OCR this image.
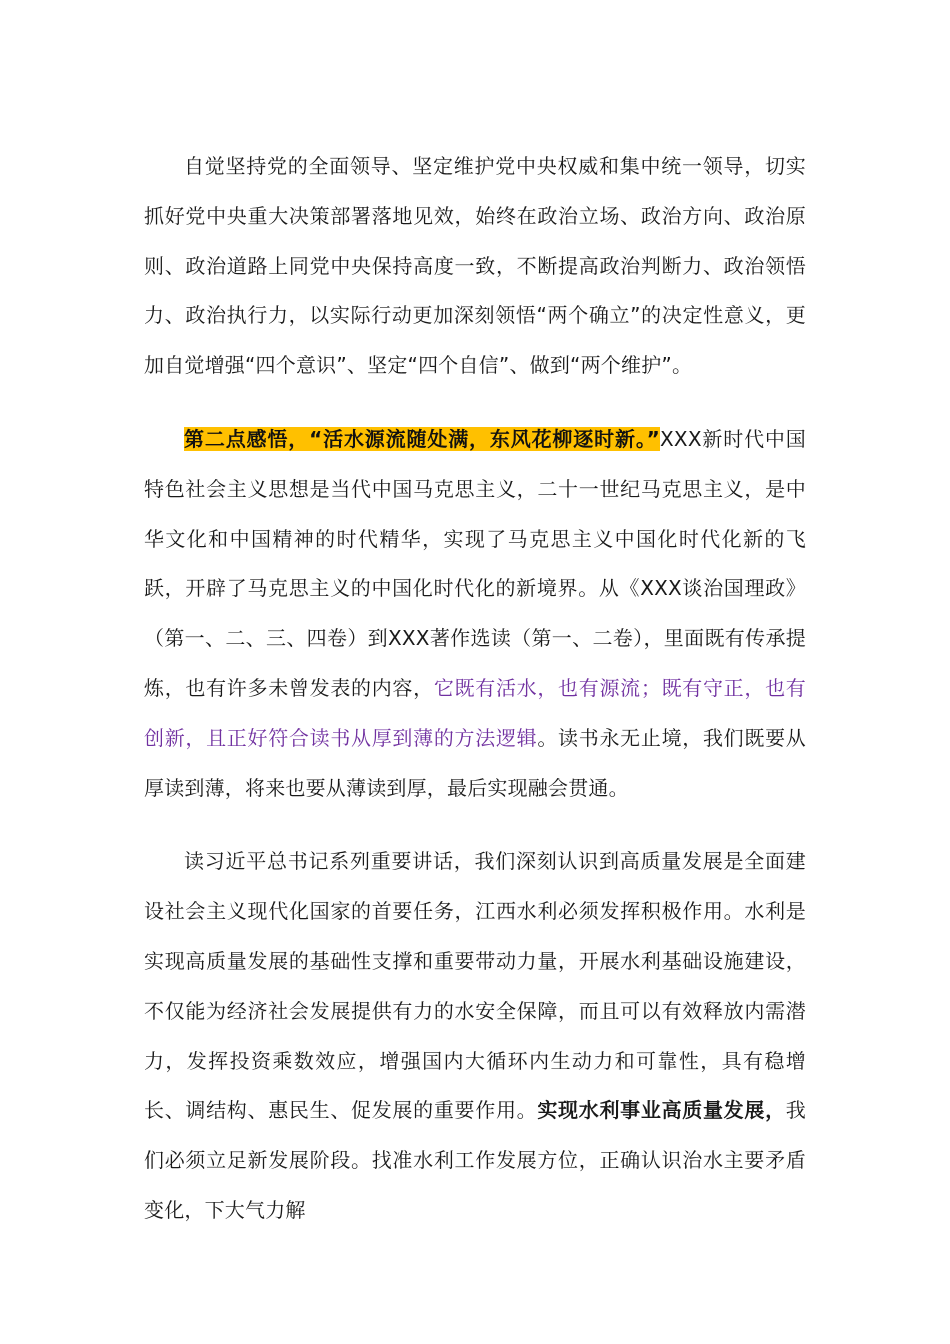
自觉坚持党的全面领导、坚定维护党中央权威和集中统一领导，切实抓好党中央重大决策部署落地见效，始终在政治立场、政治方向、政治原则、政治道路上同党中央保持高度一致，不断提高政治判断力、政治领悟力、政治执行力，以实际行动更加深刻领悟“两个确立”的决定性意义，更加自觉增强“四个意识”、坚定“四个自信”、做到“两个维护”。

第二点感悟，“活水源流随处满，东风花柳逐时新。”XXX新时代中国特色社会主义思想是当代中国马克思主义，二十一世纪马克思主义，是中华文化和中国精神的时代精华，实现了马克思主义中国化时代化新的飞跃，开辟了马克思主义的中国化时代化的新境界。从《XXX谈治国理政》（第一、二、三、四卷）到XXX著作选读（第一、二卷），里面既有传承提炼，也有许多未曾发表的内容，它既有活水，也有源流；既有守正，也有创新，且正好符合读书从厚到薄的方法逻辑。读书永无止境，我们既要从厚读到薄，将来也要从薄读到厚，最后实现融会贯通。

读习近平总书记系列重要讲话，我们深刻认识到高质量发展是全面建设社会主义现代化国家的首要任务，江西水利必须发挥积极作用。水利是实现高质量发展的基础性支撑和重要带动力量，开展水利基础设施建设，不仅能为经济社会发展提供有力的水安全保障，而且可以有效释放内需潜力，发挥投资乘数效应，增强国内大循环内生动力和可靠性，具有稳增长、调结构、惠民生、促发展的重要作用。实现水利事业高质量发展，我们必须立足新发展阶段。找准水利工作发展方位，正确认识治水主要矛盾变化，下大气力解
